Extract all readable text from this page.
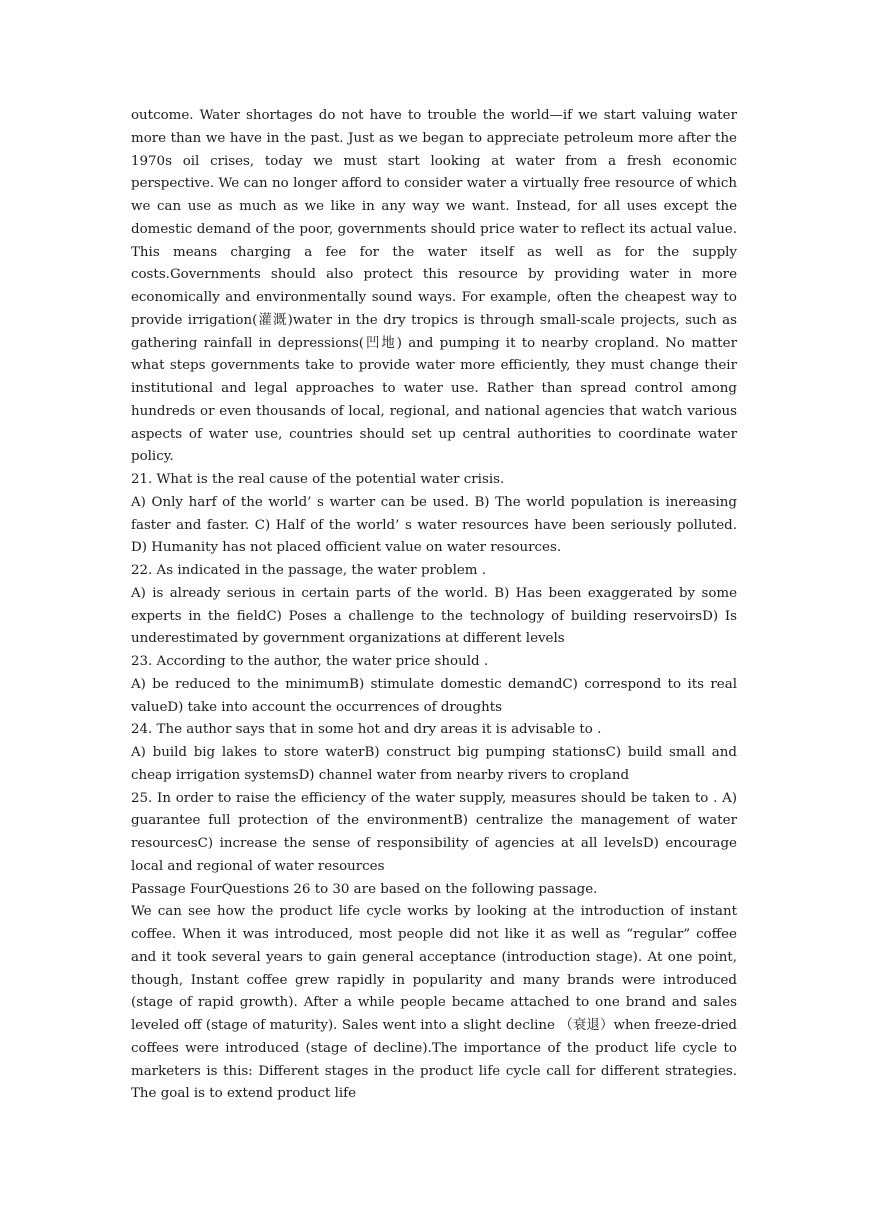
outcome. Water shortages do not have to trouble the world—if we start valuing water more than we have in the past. Just as we began to appreciate petroleum more after the 1970s oil crises, today we must start looking at water from a fresh economic perspective. We can no longer afford to consider water a virtually free resource of which we can use as much as we like in any way we want. Instead, for all uses except the domestic demand of the poor, governments should price water to reflect its actual value. This means charging a fee for the water itself as well as for the supply costs.Governments should also protect this resource by providing water in more economically and environmentally sound ways. For example, often the cheapest way to provide irrigation(灌溉)water in the dry tropics is through small-scale projects, such as gathering rainfall in depressions(凹地) and pumping it to nearby cropland. No matter what steps governments take to provide water more efficiently, they must change their institutional and legal approaches to water use. Rather than spread control among hundreds or even thousands of local, regional, and national agencies that watch various aspects of water use, countries should set up central authorities to coordinate water policy.

21. What is the real cause of the potential water crisis.

A) Only harf of the world’ s warter can be used. B) The world population is inereasing faster and faster. C) Half of the world’ s water resources have been seriously polluted. D) Humanity has not placed officient value on water resources.

22. As indicated in the passage, the water problem .

A) is already serious in certain parts of the world. B) Has been exaggerated by some experts in the fieldC) Poses a challenge to the technology of building reservoirsD) Is underestimated by government organizations at different levels

23. According to the author, the water price should .

A) be reduced to the minimumB) stimulate domestic demandC) correspond to its real valueD) take into account the occurrences of droughts

24. The author says that in some hot and dry areas it is advisable to .

A) build big lakes to store waterB) construct big pumping stationsC) build small and cheap irrigation systemsD) channel water from nearby rivers to cropland

25. In order to raise the efficiency of the water supply, measures should be taken to . A) guarantee full protection of the environmentB) centralize the management of water resourcesC) increase the sense of responsibility of agencies at all levelsD) encourage local and regional of water resources

Passage FourQuestions 26 to 30 are based on the following passage.

We can see how the product life cycle works by looking at the introduction of instant coffee. When it was introduced, most people did not like it as well as “regular” coffee and it took several years to gain general acceptance (introduction stage). At one point, though, Instant coffee grew rapidly in popularity and many brands were introduced (stage of rapid growth). After a while people became attached to one brand and sales leveled off (stage of maturity). Sales went into a slight decline （衰退）when freeze-dried coffees were introduced (stage of decline).The importance of the product life cycle to marketers is this: Different stages in the product life cycle call for different strategies. The goal is to extend product life
